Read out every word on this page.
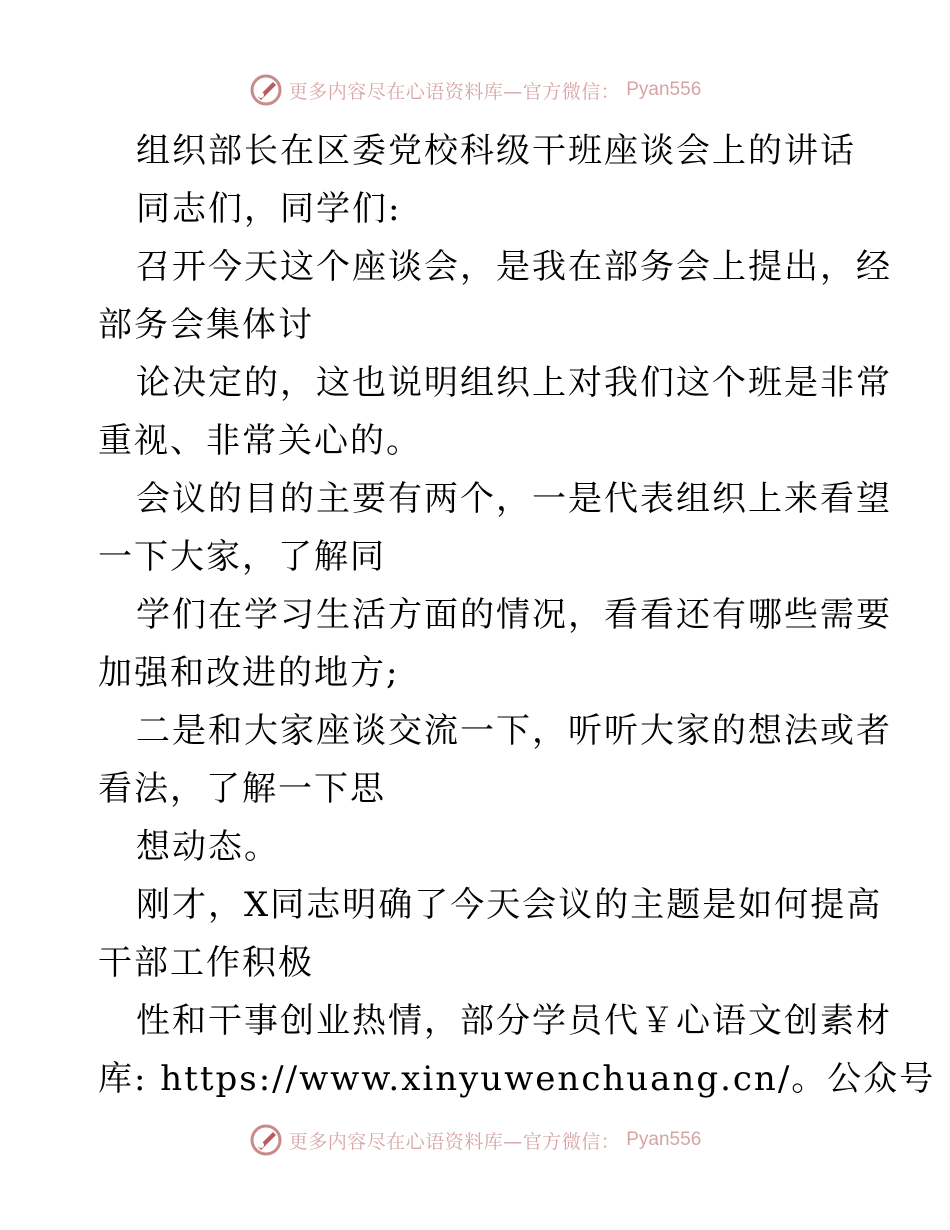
更多内容尽在心语资料库—官方微信： Pyan556
组织部长在区委党校科级干班座谈会上的讲话
同志们，同学们:
召开今天这个座谈会，是我在部务会上提出，经
部务会集体讨
论决定的，这也说明组织上对我们这个班是非常
重视、非常关心的。
会议的目的主要有两个，一是代表组织上来看望
一下大家，了解同
学们在学习生活方面的情况，看看还有哪些需要
加强和改进的地方;
二是和大家座谈交流一下，听听大家的想法或者
看法，了解一下思
想动态。
刚才，X同志明确了今天会议的主题是如何提高
干部工作积极
性和干事创业热情，部分学员代￥心语文创素材
库: https://www.xinyuwenchuang.cn/。公众号
更多内容尽在心语资料库—官方微信： Pyan556
